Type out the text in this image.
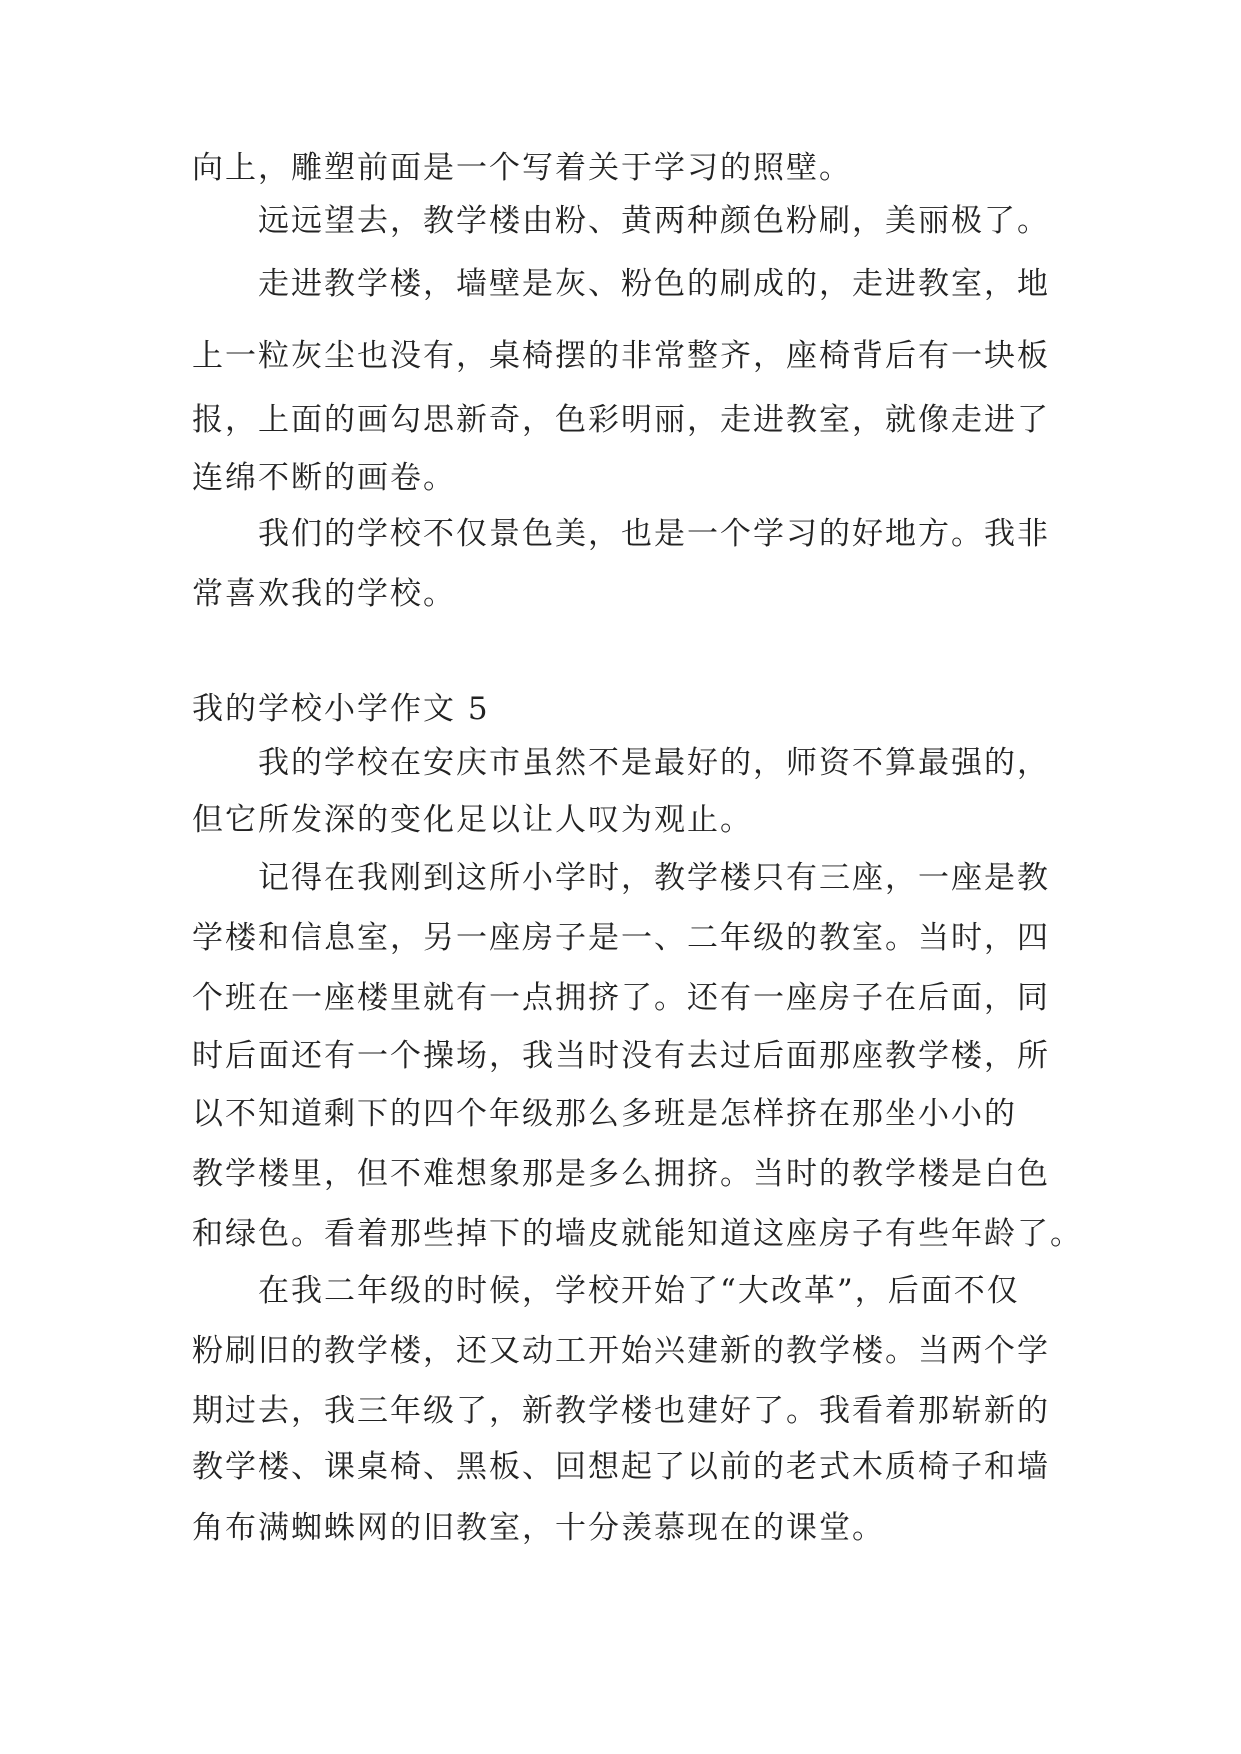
向上，雕塑前面是一个写着关于学习的照壁。
远远望去，教学楼由粉、黄两种颜色粉刷，美丽极了。
走进教学楼，墙壁是灰、粉色的刷成的，走进教室，地
上一粒灰尘也没有，桌椅摆的非常整齐，座椅背后有一块板
报，上面的画勾思新奇，色彩明丽，走进教室，就像走进了
连绵不断的画卷。
我们的学校不仅景色美，也是一个学习的好地方。我非
常喜欢我的学校。
我的学校小学作文 5
我的学校在安庆市虽然不是最好的，师资不算最强的，
但它所发深的变化足以让人叹为观止。
记得在我刚到这所小学时，教学楼只有三座，一座是教
学楼和信息室，另一座房子是一、二年级的教室。当时，四
个班在一座楼里就有一点拥挤了。还有一座房子在后面，同
时后面还有一个操场，我当时没有去过后面那座教学楼，所
以不知道剩下的四个年级那么多班是怎样挤在那坐小小的
教学楼里，但不难想象那是多么拥挤。当时的教学楼是白色
和绿色。看着那些掉下的墙皮就能知道这座房子有些年龄了。
在我二年级的时候，学校开始了“大改革”，后面不仅
粉刷旧的教学楼，还又动工开始兴建新的教学楼。当两个学
期过去，我三年级了，新教学楼也建好了。我看着那崭新的
教学楼、课桌椅、黑板、回想起了以前的老式木质椅子和墙
角布满蜘蛛网的旧教室，十分羡慕现在的课堂。
